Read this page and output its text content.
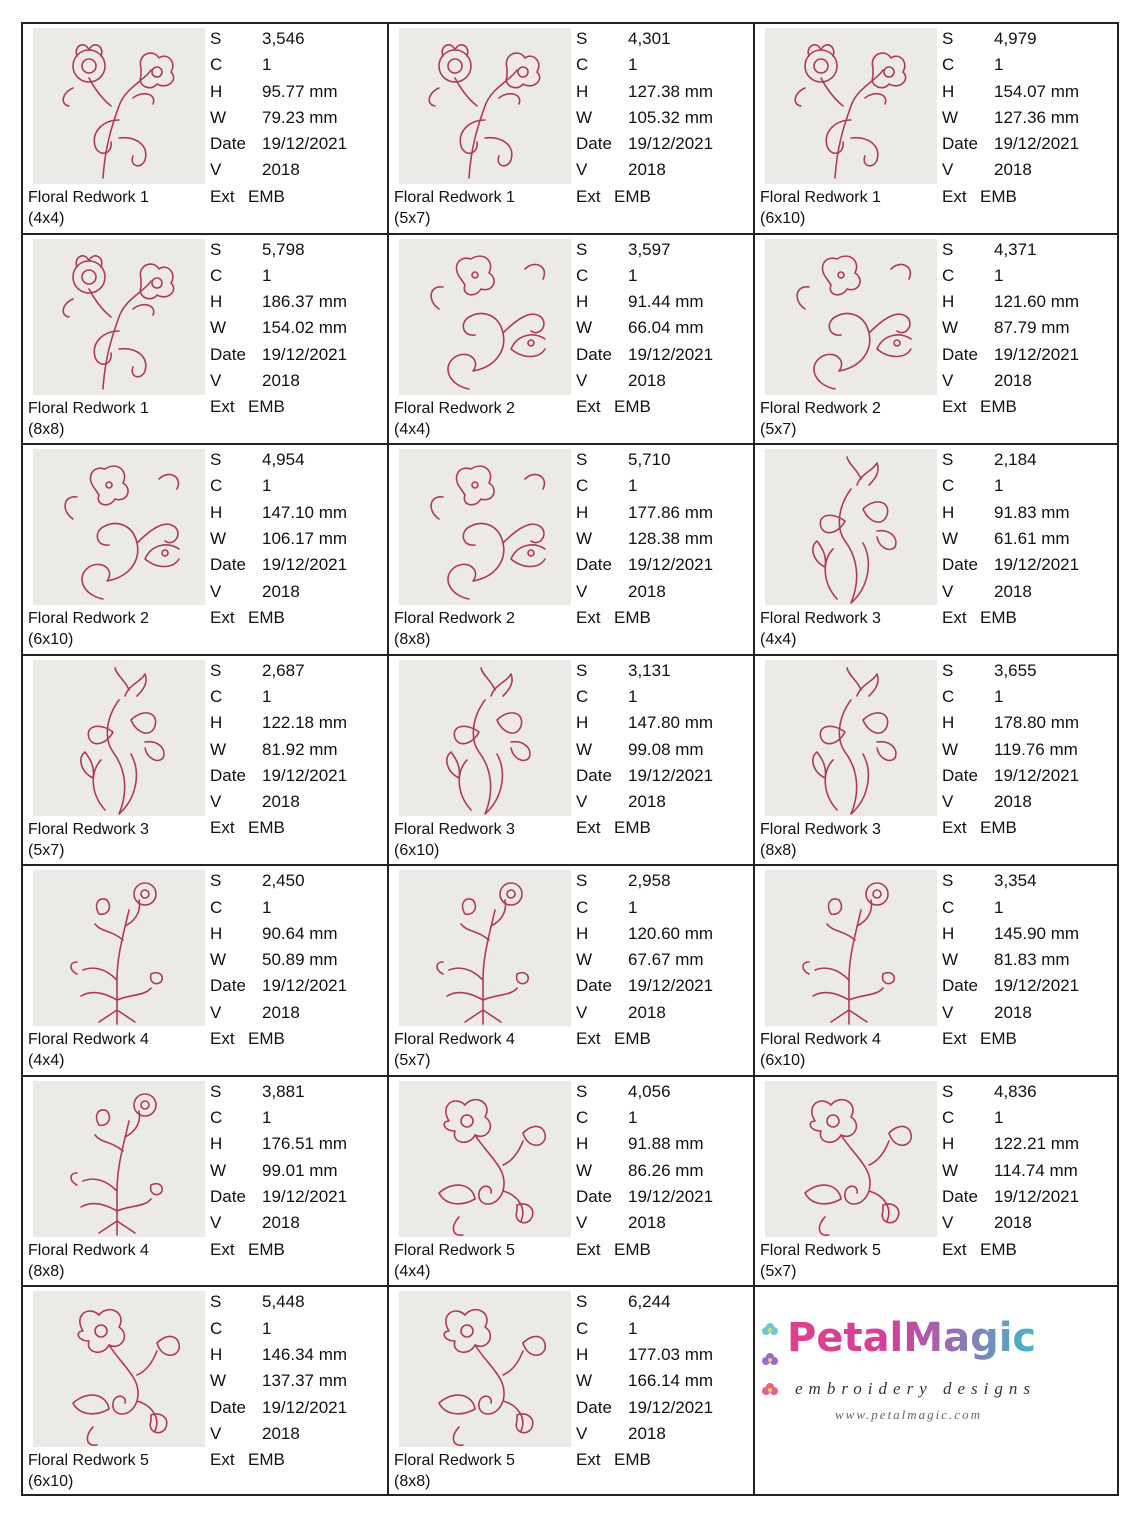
Floral Redwork 1
(4x4)
S	3,546
C	1
H	95.77 mm
W	79.23 mm
Date 19/12/2021
V	2018
Ext EMB	Floral Redwork 1
(5x7)
S	4,301
C	1
H	127.38 mm
W	105.32 mm
Date 19/12/2021
V	2018
Ext EMB	Floral Redwork 1
(6x10)
S	4,979
C	1
H	154.07 mm
W	127.36 mm
Date 19/12/2021
V	2018
Ext EMB
Floral Redwork 1
(8x8)
S	5,798
C	1
H	186.37 mm
W	154.02 mm
Date 19/12/2021
V	2018
Ext EMB	Floral Redwork 2
(4x4)
S	3,597
C	1
H	91.44 mm
W	66.04 mm
Date 19/12/2021
V	2018
Ext EMB	Floral Redwork 2
(5x7)
S	4,371
C	1
H	121.60 mm
W	87.79 mm
Date 19/12/2021
V	2018
Ext EMB
Floral Redwork 2
(6x10)
S	4,954
C	1
H	147.10 mm
W	106.17 mm
Date 19/12/2021
V	2018
Ext EMB	Floral Redwork 2
(8x8)
S	5,710
C	1
H	177.86 mm
W	128.38 mm
Date 19/12/2021
V	2018
Ext EMB	Floral Redwork 3
(4x4)
S	2,184
C	1
H	91.83 mm
W	61.61 mm
Date 19/12/2021
V	2018
Ext EMB
Floral Redwork 3
(5x7)
S	2,687
C	1
H	122.18 mm
W	81.92 mm
Date 19/12/2021
V	2018
Ext EMB	Floral Redwork 3
(6x10)
S	3,131
C	1
H	147.80 mm
W	99.08 mm
Date 19/12/2021
V	2018
Ext EMB	Floral Redwork 3
(8x8)
S	3,655
C	1
H	178.80 mm
W	119.76 mm
Date 19/12/2021
V	2018
Ext EMB
Floral Redwork 4
(4x4)
S	2,450
C	1
H	90.64 mm
W	50.89 mm
Date 19/12/2021
V	2018
Ext EMB	Floral Redwork 4
(5x7)
S	2,958
C	1
H	120.60 mm
W	67.67 mm
Date 19/12/2021
V	2018
Ext EMB	Floral Redwork 4
(6x10)
S	3,354
C	1
H	145.90 mm
W	81.83 mm
Date 19/12/2021
V	2018
Ext EMB
Floral Redwork 4
(8x8)
S	3,881
C	1
H	176.51 mm
W	99.01 mm
Date 19/12/2021
V	2018
Ext EMB	Floral Redwork 5
(4x4)
S	4,056
C	1
H	91.88 mm
W	86.26 mm
Date 19/12/2021
V	2018
Ext EMB	Floral Redwork 5
(5x7)
S	4,836
C	1
H	122.21 mm
W	114.74 mm
Date 19/12/2021
V	2018
Ext EMB
Floral Redwork 5
(6x10)
S	5,448
C	1
H	146.34 mm
W	137.37 mm
Date 19/12/2021
V	2018
Ext EMB	Floral Redwork 5
(8x8)
S	6,244
C	1
H	177.03 mm
W	166.14 mm
Date 19/12/2021
V	2018
Ext EMB
PetalMagic
embroidery designs
www.petalmagic.com
